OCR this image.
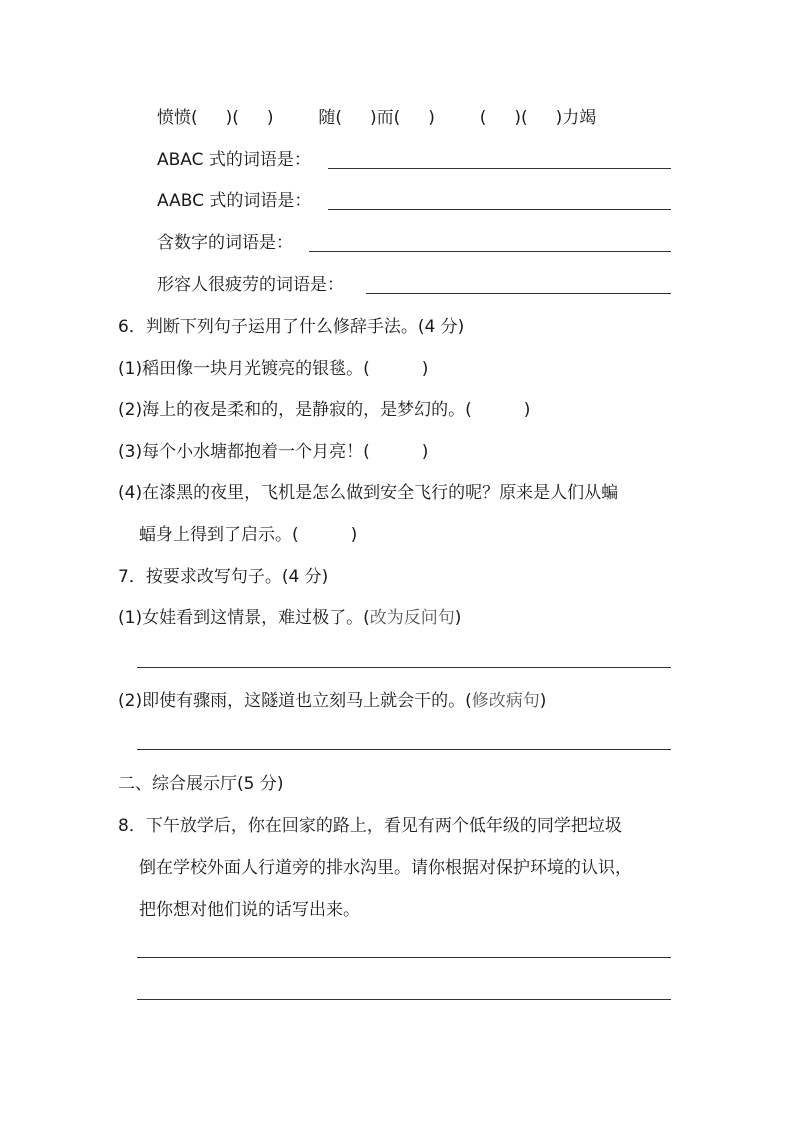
愤愤( )( )	随( )而( )	( )( )力竭
ABAC 式的词语是：
AABC 式的词语是：
含数字的词语是：
形容人很疲劳的词语是：
6．判断下列句子运用了什么修辞手法。(4 分)
(1)稻田像一块月光镀亮的银毯。(	)
(2)海上的夜是柔和的，是静寂的，是梦幻的。(	)
(3)每个小水塘都抱着一个月亮！(	)
(4)在漆黑的夜里，飞机是怎么做到安全飞行的呢？原来是人们从蝙
蝠身上得到了启示。(	)
7．按要求改写句子。(4 分)
(1)女娃看到这情景，难过极了。(改为反问句)
(2)即使有骤雨，这隧道也立刻马上就会干的。(修改病句)
二、综合展示厅(5 分)
8．下午放学后，你在回家的路上，看见有两个低年级的同学把垃圾
倒在学校外面人行道旁的排水沟里。请你根据对保护环境的认识，
把你想对他们说的话写出来。
